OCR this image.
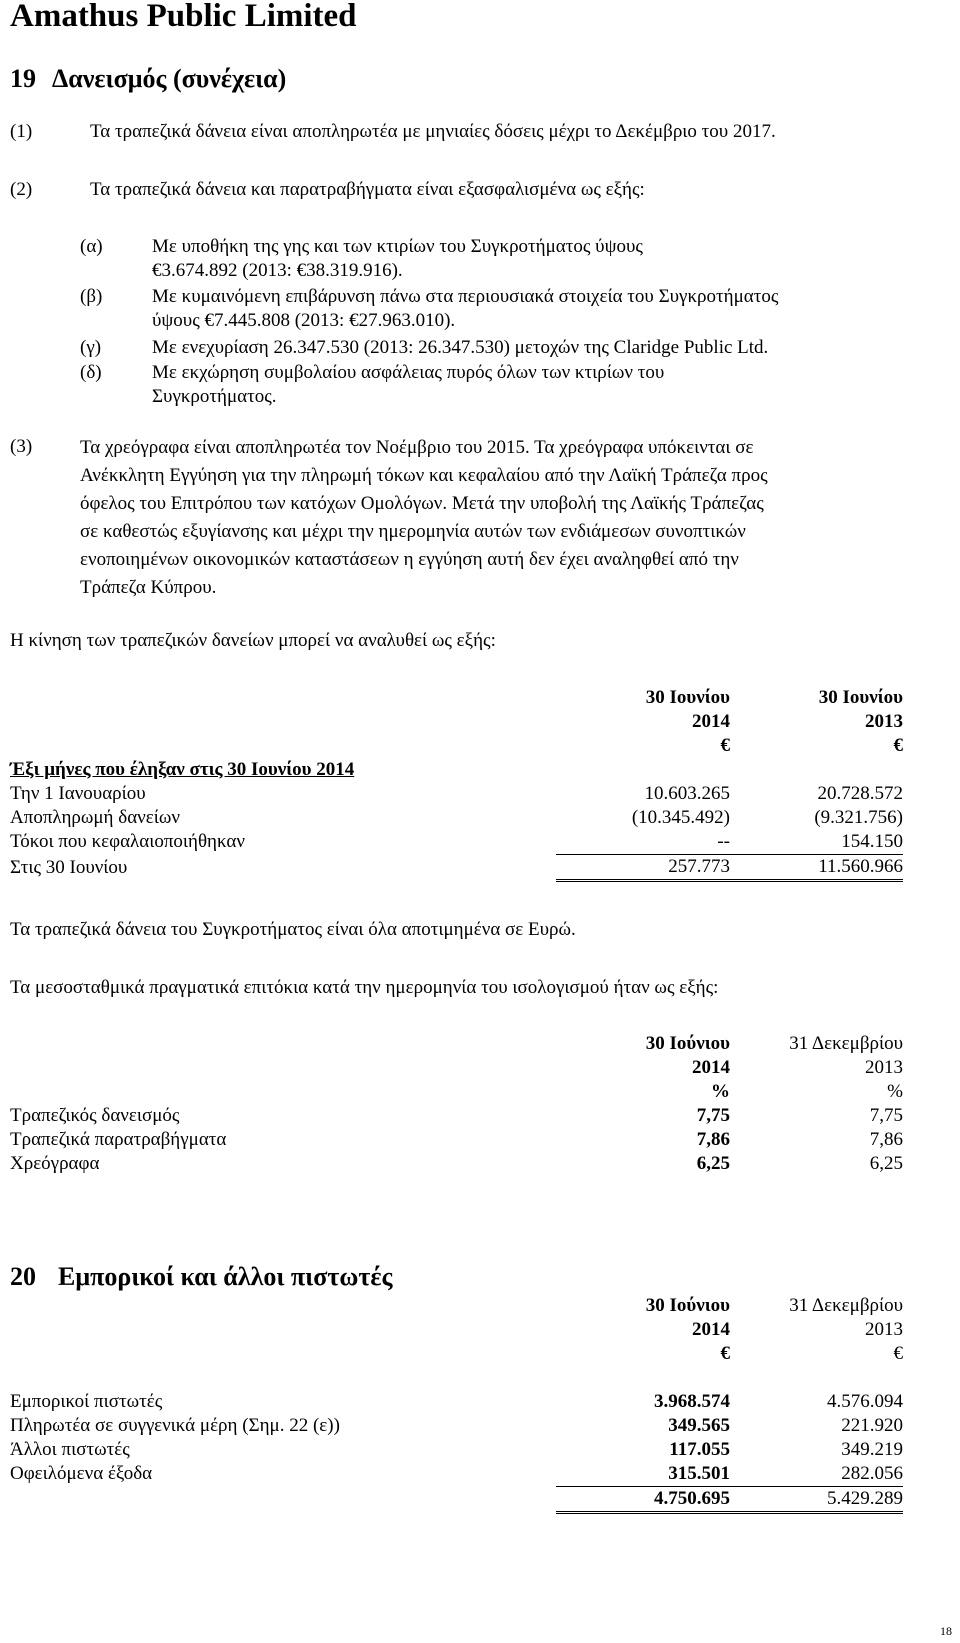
Amathus Public Limited
19 Δανεισμός (συνέχεια)
(1)	Τα τραπεζικά δάνεια είναι αποπληρωτέα με μηνιαίες δόσεις μέχρι το Δεκέμβριο του 2017.
(2)	Τα τραπεζικά δάνεια και παρατραβήγματα είναι εξασφαλισμένα ως εξής:
(α)	Με υποθήκη της γης και των κτιρίων του Συγκροτήματος ύψους
€3.674.892 (2013: €38.319.916).
(β)	Με κυμαινόμενη επιβάρυνση πάνω στα περιουσιακά στοιχεία του Συγκροτήματος
ύψους €7.445.808 (2013: €27.963.010).
(γ)	Με ενεχυρίαση 26.347.530 (2013: 26.347.530) μετοχών της Claridge Public Ltd.
(δ)	Με εκχώρηση συμβολαίου ασφάλειας πυρός όλων των κτιρίων του
Συγκροτήματος.
(3)	Τα χρεόγραφα είναι αποπληρωτέα τον Νοέμβριο του 2015. Τα χρεόγραφα υπόκεινται σε
Ανέκκλητη Εγγύηση για την πληρωμή τόκων και κεφαλαίου από την Λαϊκή Τράπεζα προς
όφελος του Επιτρόπου των κατόχων Ομολόγων. Μετά την υποβολή της Λαϊκής Τράπεζας
σε καθεστώς εξυγίανσης και μέχρι την ημερομηνία αυτών των ενδιάμεσων συνοπτικών
ενοποιημένων οικονομικών καταστάσεων η εγγύηση αυτή δεν έχει αναληφθεί από την
Τράπεζα Κύπρου.
Η κίνηση των τραπεζικών δανείων μπορεί να αναλυθεί ως εξής:
	30 Ιουνίου	30 Ιουνίου
	2014	2013
	€	€
Έξι μήνες που έληξαν στις 30 Ιουνίου 2014		
Την 1 Ιανουαρίου	10.603.265	20.728.572
Αποπληρωμή δανείων	(10.345.492)	(9.321.756)
Τόκοι που κεφαλαιοποιήθηκαν	--	154.150
Στις 30 Ιουνίου	257.773	11.560.966
Τα τραπεζικά δάνεια του Συγκροτήματος είναι όλα αποτιμημένα σε Ευρώ.
Τα μεσοσταθμικά πραγματικά επιτόκια κατά την ημερομηνία του ισολογισμού ήταν ως εξής:
	30 Ιούνιου	31 Δεκεμβρίου
	2014	2013
	%	%
Τραπεζικός δανεισμός	7,75	7,75
Τραπεζικά παρατραβήγματα	7,86	7,86
Χρεόγραφα	6,25	6,25
20 Εμπορικοί και άλλοι πιστωτές
	30 Ιούνιου	31 Δεκεμβρίου
	2014	2013
	€	€

Εμπορικοί πιστωτές	3.968.574	4.576.094
Πληρωτέα σε συγγενικά μέρη (Σημ. 22 (ε))	349.565	221.920
Άλλοι πιστωτές	117.055	349.219
Οφειλόμενα έξοδα	315.501	282.056
	4.750.695	5.429.289
18
